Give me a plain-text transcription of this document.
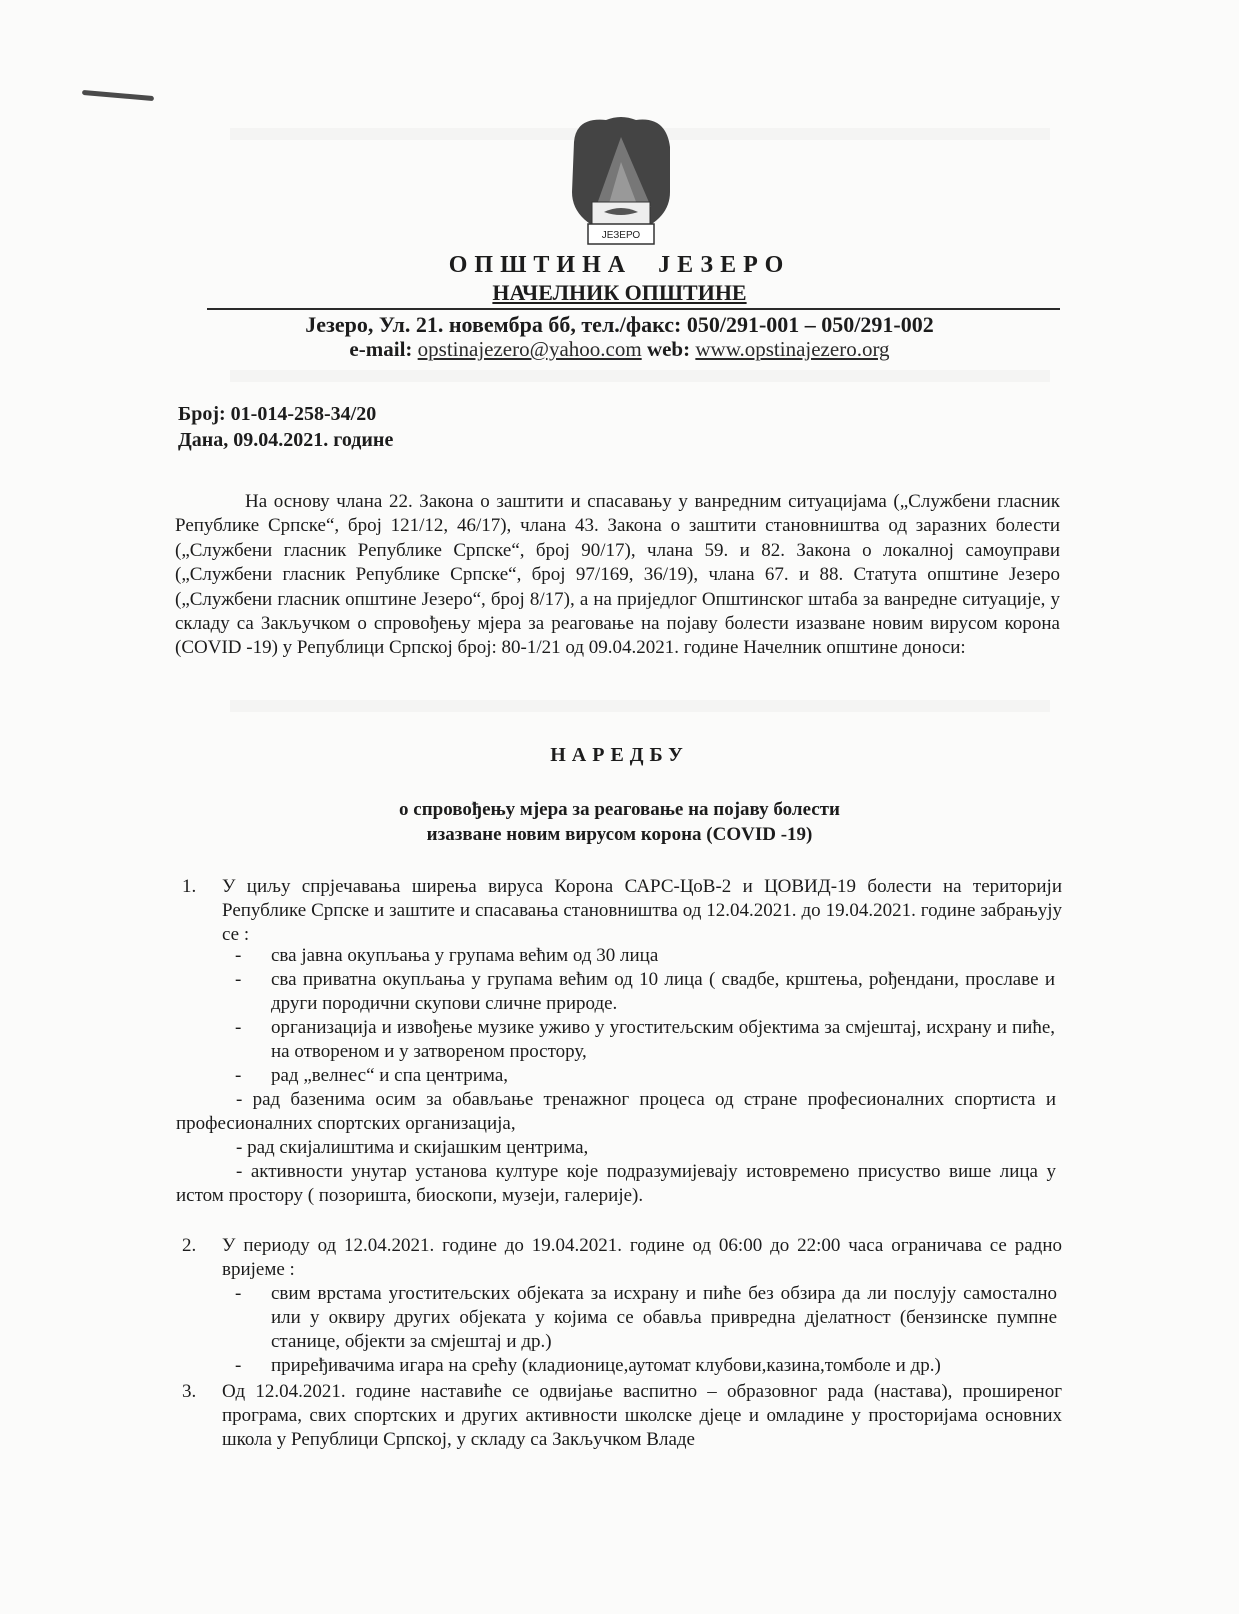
ЈЕЗЕРО
ОПШТИНА  ЈЕЗЕРО
НАЧЕЛНИК ОПШТИНЕ
Језеро, Ул. 21. новембра бб, тел./факс: 050/291-001 – 050/291-002
e-mail: opstinajezero@yahoo.com web: www.opstinajezero.org
Број: 01-014-258-34/20
Дана, 09.04.2021. године

На основу члана 22. Закона о заштити и спасавању у ванредним ситуацијама („Службени гласник Републике Српске“, број 121/12, 46/17), члана 43. Закона о заштити становништва од заразних болести („Службени гласник Републике Српске“, број 90/17), члана 59. и 82. Закона о локалној самоуправи („Службени гласник Републике Српске“, број 97/169, 36/19), члана 67. и 88. Статута општине Језеро („Службени гласник општине Језеро“, број 8/17), а на приједлог Општинског штаба за ванредне ситуације, у складу са Закључком о спровођењу мјера за реаговање на појаву болести изазване новим вирусом корона (COVID -19) у Републици Српској број: 80-1/21 од 09.04.2021. године Начелник општине доноси:

НАРЕДБУ
о спровођењу мјера за реаговање на појаву болести
изазване новим вирусом корона (COVID -19)
1.	У циљу спрјечавања ширења вируса Корона САРС-ЦоВ-2 и ЦОВИД-19 болести на територији Републике Српске и заштите и спасавања становништва од 12.04.2021. до 19.04.2021. године забрањују се :
- сва јавна окупљања у групама већим од 30 лица
- сва приватна окупљања у групама већим од 10 лица ( свадбе, крштења, рођендани, прославе и други породични скупови сличне природе.
- организација и извођење музике уживо у угоститељским објектима за смјештај, исхрану и пиће, на отвореном и у затвореном простору,
- рад „велнес“ и спа центрима,
- рад базенима осим за обављање тренажног процеса од стране професионалних спортиста и професионалних спортских организација,
- рад скијалиштима и скијашким центрима,
- активности унутар установа културе које подразумијевају истовремено присуство више лица у истом простору ( позоришта, биоскопи, музеји, галерије).
2.	У периоду од 12.04.2021. године до 19.04.2021. године од 06:00 до 22:00 часа ограничава се радно вријеме :
- свим врстама угоститељских објеката за исхрану и пиће без обзира да ли послују самостално или у оквиру других објеката у којима се обавља привредна дјелатност (бензинске пумпне станице, објекти за смјештај и др.)
- приређивачима игара на срећу (кладионице,аутомат клубови,казина,томболе и др.)
3.	Од 12.04.2021. године наставиће се одвијање васпитно – образовног рада (настава), проширеног програма, свих спортских и других активности школске дјеце и омладине у просторијама основних школа у Републици Српској, у складу са Закључком Владе
